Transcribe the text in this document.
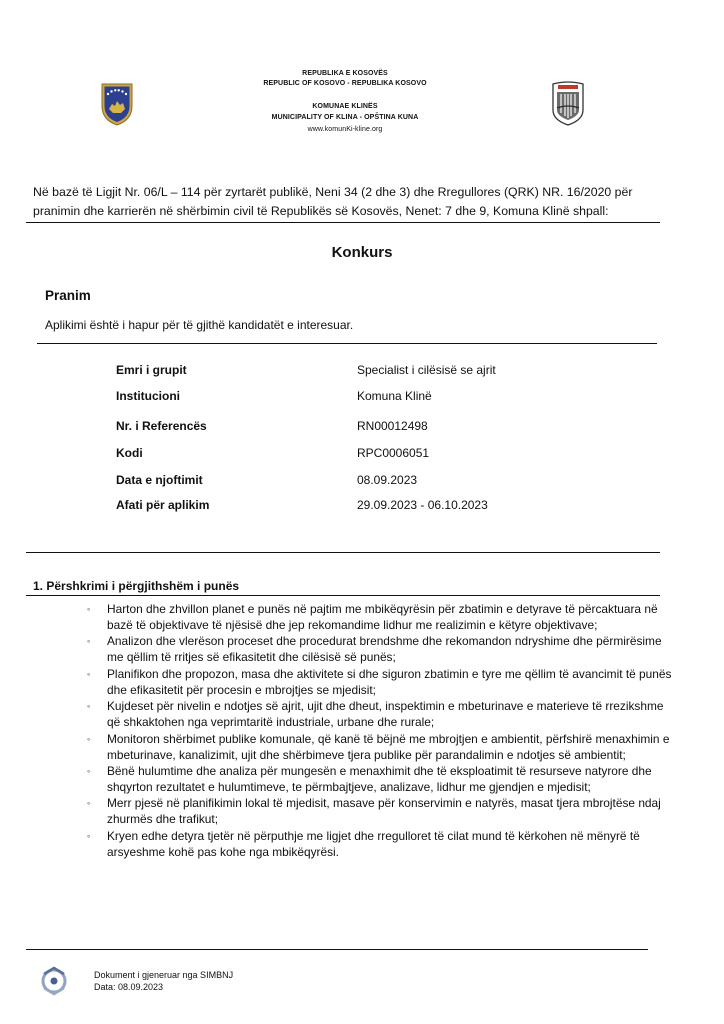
REPUBLIKA E KOSOVËS
REPUBLIC OF KOSOVO - REPUBLIKA KOSOVO
KOMUNAE KLINËS
MUNICIPALITY OF KLINA - OPŠTINA KUNA
www.komunKi-kline.org
Në bazë të Ligjit Nr. 06/L – 114 për zyrtarët publikë, Neni 34 (2 dhe 3) dhe Rregullores (QRK) NR. 16/2020 për pranimin dhe karrierën në shërbimin civil të Republikës së Kosovës, Nenet: 7 dhe 9, Komuna Klinë shpall:
Konkurs
Pranim
Aplikimi është i hapur për të gjithë kandidatët e interesuar.
Emri i grupit	Specialist i cilësisë se ajrit
Institucioni	Komuna Klinë
Nr. i Referencës	RN00012498
Kodi	RPC0006051
Data e njoftimit	08.09.2023
Afati për aplikim	29.09.2023 - 06.10.2023
1. Përshkrimi i përgjithshëm i punës
◦ Harton dhe zhvillon planet e punës në pajtim me mbikëqyrësin për zbatimin e detyrave të përcaktuara në bazë të objektivave të njësisë dhe jep rekomandime lidhur me realizimin e këtyre objektivave;
◦ Analizon dhe vlerëson proceset dhe procedurat brendshme dhe rekomandon ndryshime dhe përmirësime me qëllim të rritjes së efikasitetit dhe cilësisë së punës;
◦ Planifikon dhe propozon, masa dhe aktivitete si dhe siguron zbatimin e tyre me qëllim të avancimit të punës dhe efikasitetit për procesin e mbrojtjes se mjedisit;
◦ Kujdeset për nivelin e ndotjes së ajrit, ujit dhe dheut, inspektimin e mbeturinave e materieve të rrezikshme që shkaktohen nga veprimtaritë industriale, urbane dhe rurale;
◦ Monitoron shërbimet publike komunale, që kanë të bëjnë me mbrojtjen e ambientit, përfshirë menaxhimin e mbeturinave, kanalizimit, ujit dhe shërbimeve tjera publike për parandalimin e ndotjes së ambientit;
◦ Bënë hulumtime dhe analiza për mungesën e menaxhimit dhe të eksploatimit të resurseve natyrore dhe shqyrton rezultatet e hulumtimeve, te përmbajtjeve, analizave, lidhur me gjendjen e mjedisit;
◦ Merr pjesë në planifikimin lokal të mjedisit, masave për konservimin e natyrës, masat tjera mbrojtëse ndaj zhurmës dhe trafikut;
◦ Kryen edhe detyra tjetër në përputhje me ligjet dhe rregulloret të cilat mund të kërkohen në mënyrë të arsyeshme kohë pas kohe nga mbikëqyrësi.
Dokument i gjeneruar nga SIMBNJ
Data: 08.09.2023
